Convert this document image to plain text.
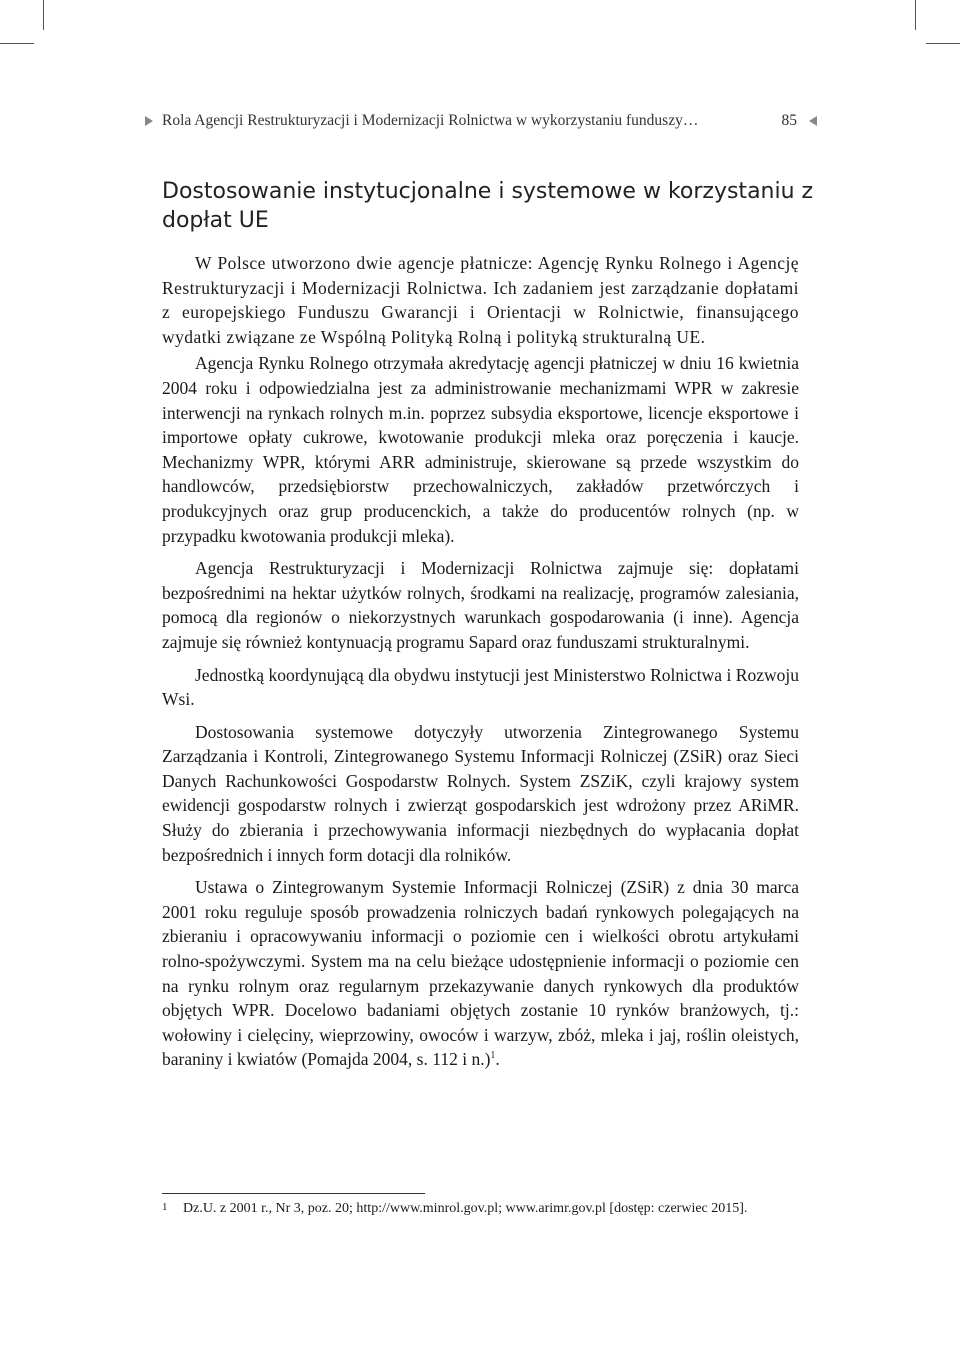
Rola Agencji Restrukturyzacji i Modernizacji Rolnictwa w wykorzystaniu funduszy…	85
Dostosowanie instytucjonalne i systemowe w korzystaniu z dopłat UE

W Polsce utworzono dwie agencje płatnicze: Agencję Rynku Rolnego i Agencję Restrukturyzacji i Modernizacji Rolnictwa. Ich zadaniem jest zarządzanie dopłatami z europejskiego Funduszu Gwarancji i Orientacji w Rolnictwie, finansującego wydatki związane ze Wspólną Polityką Rolną i polityką strukturalną UE.

Agencja Rynku Rolnego otrzymała akredytację agencji płatniczej w dniu 16 kwietnia 2004 roku i odpowiedzialna jest za administrowanie mechanizmami WPR w zakresie interwencji na rynkach rolnych m.in. poprzez subsydia eksportowe, licencje eksportowe i importowe opłaty cukrowe, kwotowanie produkcji mleka oraz poręczenia i kaucje. Mechanizmy WPR, którymi ARR administruje, skierowane są przede wszystkim do handlowców, przedsiębiorstw przechowalniczych, zakładów przetwórczych i produkcyjnych oraz grup producenckich, a także do producentów rolnych (np. w przypadku kwotowania produkcji mleka).

Agencja Restrukturyzacji i Modernizacji Rolnictwa zajmuje się: dopłatami bezpośrednimi na hektar użytków rolnych, środkami na realizację, programów zalesiania, pomocą dla regionów o niekorzystnych warunkach gospodarowania (i inne). Agencja zajmuje się również kontynuacją programu Sapard oraz funduszami strukturalnymi.

Jednostką koordynującą dla obydwu instytucji jest Ministerstwo Rolnictwa i Rozwoju Wsi.

Dostosowania systemowe dotyczyły utworzenia Zintegrowanego Systemu Zarządzania i Kontroli, Zintegrowanego Systemu Informacji Rolniczej (ZSiR) oraz Sieci Danych Rachunkowości Gospodarstw Rolnych. System ZSZiK, czyli krajowy system ewidencji gospodarstw rolnych i zwierząt gospodarskich jest wdrożony przez ARiMR. Służy do zbierania i przechowywania informacji niezbędnych do wypłacania dopłat bezpośrednich i innych form dotacji dla rolników.

Ustawa o Zintegrowanym Systemie Informacji Rolniczej (ZSiR) z dnia 30 marca 2001 roku reguluje sposób prowadzenia rolniczych badań rynkowych polegających na zbieraniu i opracowywaniu informacji o poziomie cen i wielkości obrotu artykułami rolno-spożywczymi. System ma na celu bieżące udostępnienie informacji o poziomie cen na rynku rolnym oraz regularnym przekazywanie danych rynkowych dla produktów objętych WPR. Docelowo badaniami objętych zostanie 10 rynków branżowych, tj.: wołowiny i cielęciny, wieprzowiny, owoców i warzyw, zbóż, mleka i jaj, roślin oleistych, baraniny i kwiatów (Pomajda 2004, s. 112 i n.)$^1$.

1 Dz.U. z 2001 r., Nr 3, poz. 20; http://www.minrol.gov.pl; www.arimr.gov.pl [dostęp: czerwiec 2015].
